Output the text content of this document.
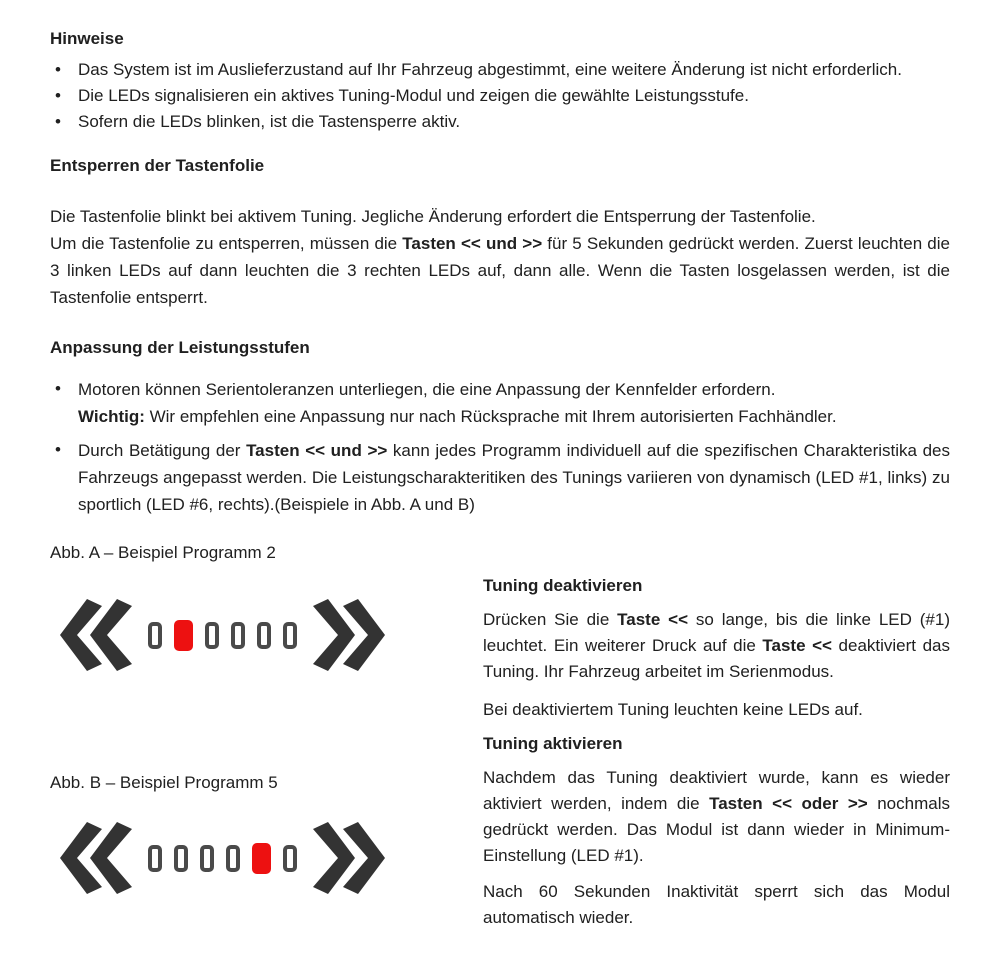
Hinweise
•	Das System ist im Auslieferzustand auf Ihr Fahrzeug abgestimmt, eine weitere Änderung ist nicht erforderlich.

•	Die LEDs signalisieren ein aktives Tuning-Modul und zeigen die gewählte Leistungsstufe.

•	Sofern die LEDs blinken, ist die Tastensperre aktiv.

Entsperren der Tastenfolie

Die Tastenfolie blinkt bei aktivem Tuning. Jegliche Änderung erfordert die Entsperrung der Tastenfolie.

Um die Tastenfolie zu entsperren, müssen die Tasten << und >> für 5 Sekunden gedrückt werden. Zuerst leuchten die 3 linken LEDs auf dann leuchten die 3 rechten LEDs auf, dann alle. Wenn die Tasten losgelassen werden, ist die Tastenfolie entsperrt.

Anpassung der Leistungsstufen
•	Motoren können Serientoleranzen unterliegen, die eine Anpassung der Kennfelder erfordern.

Wichtig: Wir empfehlen eine Anpassung nur nach Rücksprache mit Ihrem autorisierten Fachhändler.

•	Durch Betätigung der Tasten << und >> kann jedes Programm individuell auf die spezifischen Charakteristika des Fahrzeugs angepasst werden. Die Leistungscharakteritiken des Tunings variieren von dynamisch (LED #1, links) zu sportlich (LED #6, rechts).(Beispiele in Abb. A und B)

Abb. A – Beispiel Programm 2

Abb. B – Beispiel Programm 5

Tuning deaktivieren

Drücken Sie die Taste << so lange, bis die linke LED (#1) leuchtet. Ein weiterer Druck auf die Taste << deaktiviert das Tuning. Ihr Fahrzeug arbeitet im Serienmodus.

Bei deaktiviertem Tuning leuchten keine LEDs auf.

Tuning aktivieren

Nachdem das Tuning deaktiviert wurde, kann es wieder aktiviert werden, indem die Tasten << oder >> nochmals gedrückt werden. Das Modul ist dann wieder in Minimum-Einstellung (LED #1).

Nach 60 Sekunden Inaktivität sperrt sich das Modul automatisch wieder.
